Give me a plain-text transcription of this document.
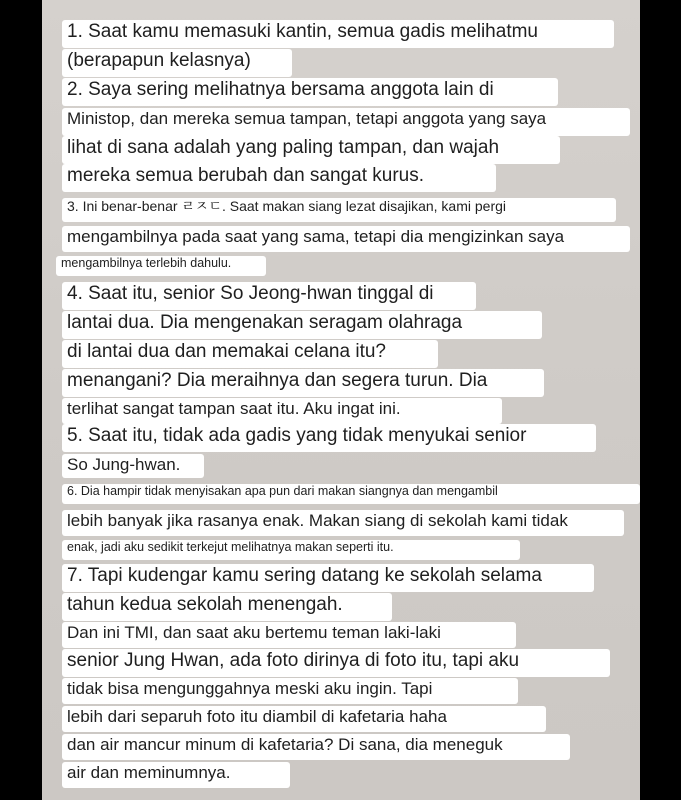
1. Saat kamu memasuki kantin, semua gadis melihatmu
(berapapun kelasnya)
2. Saya sering melihatnya bersama anggota lain di
Ministop, dan mereka semua tampan, tetapi anggota yang saya
lihat di sana adalah yang paling tampan, dan wajah
mereka semua berubah dan sangat kurus.
3. Ini benar-benar ㄹㅈㄷ. Saat makan siang lezat disajikan, kami pergi
mengambilnya pada saat yang sama, tetapi dia mengizinkan saya
mengambilnya terlebih dahulu.
4. Saat itu, senior So Jeong-hwan tinggal di
lantai dua. Dia mengenakan seragam olahraga
di lantai dua dan memakai celana itu?
menangani? Dia meraihnya dan segera turun. Dia
terlihat sangat tampan saat itu. Aku ingat ini.
5. Saat itu, tidak ada gadis yang tidak menyukai senior
So Jung-hwan.
6. Dia hampir tidak menyisakan apa pun dari makan siangnya dan mengambil
lebih banyak jika rasanya enak. Makan siang di sekolah kami tidak
enak, jadi aku sedikit terkejut melihatnya makan seperti itu.
7. Tapi kudengar kamu sering datang ke sekolah selama
tahun kedua sekolah menengah.
Dan ini TMI, dan saat aku bertemu teman laki-laki
senior Jung Hwan, ada foto dirinya di foto itu, tapi aku
tidak bisa mengunggahnya meski aku ingin. Tapi
lebih dari separuh foto itu diambil di kafetaria haha
dan air mancur minum di kafetaria? Di sana, dia meneguk
air dan meminumnya.
